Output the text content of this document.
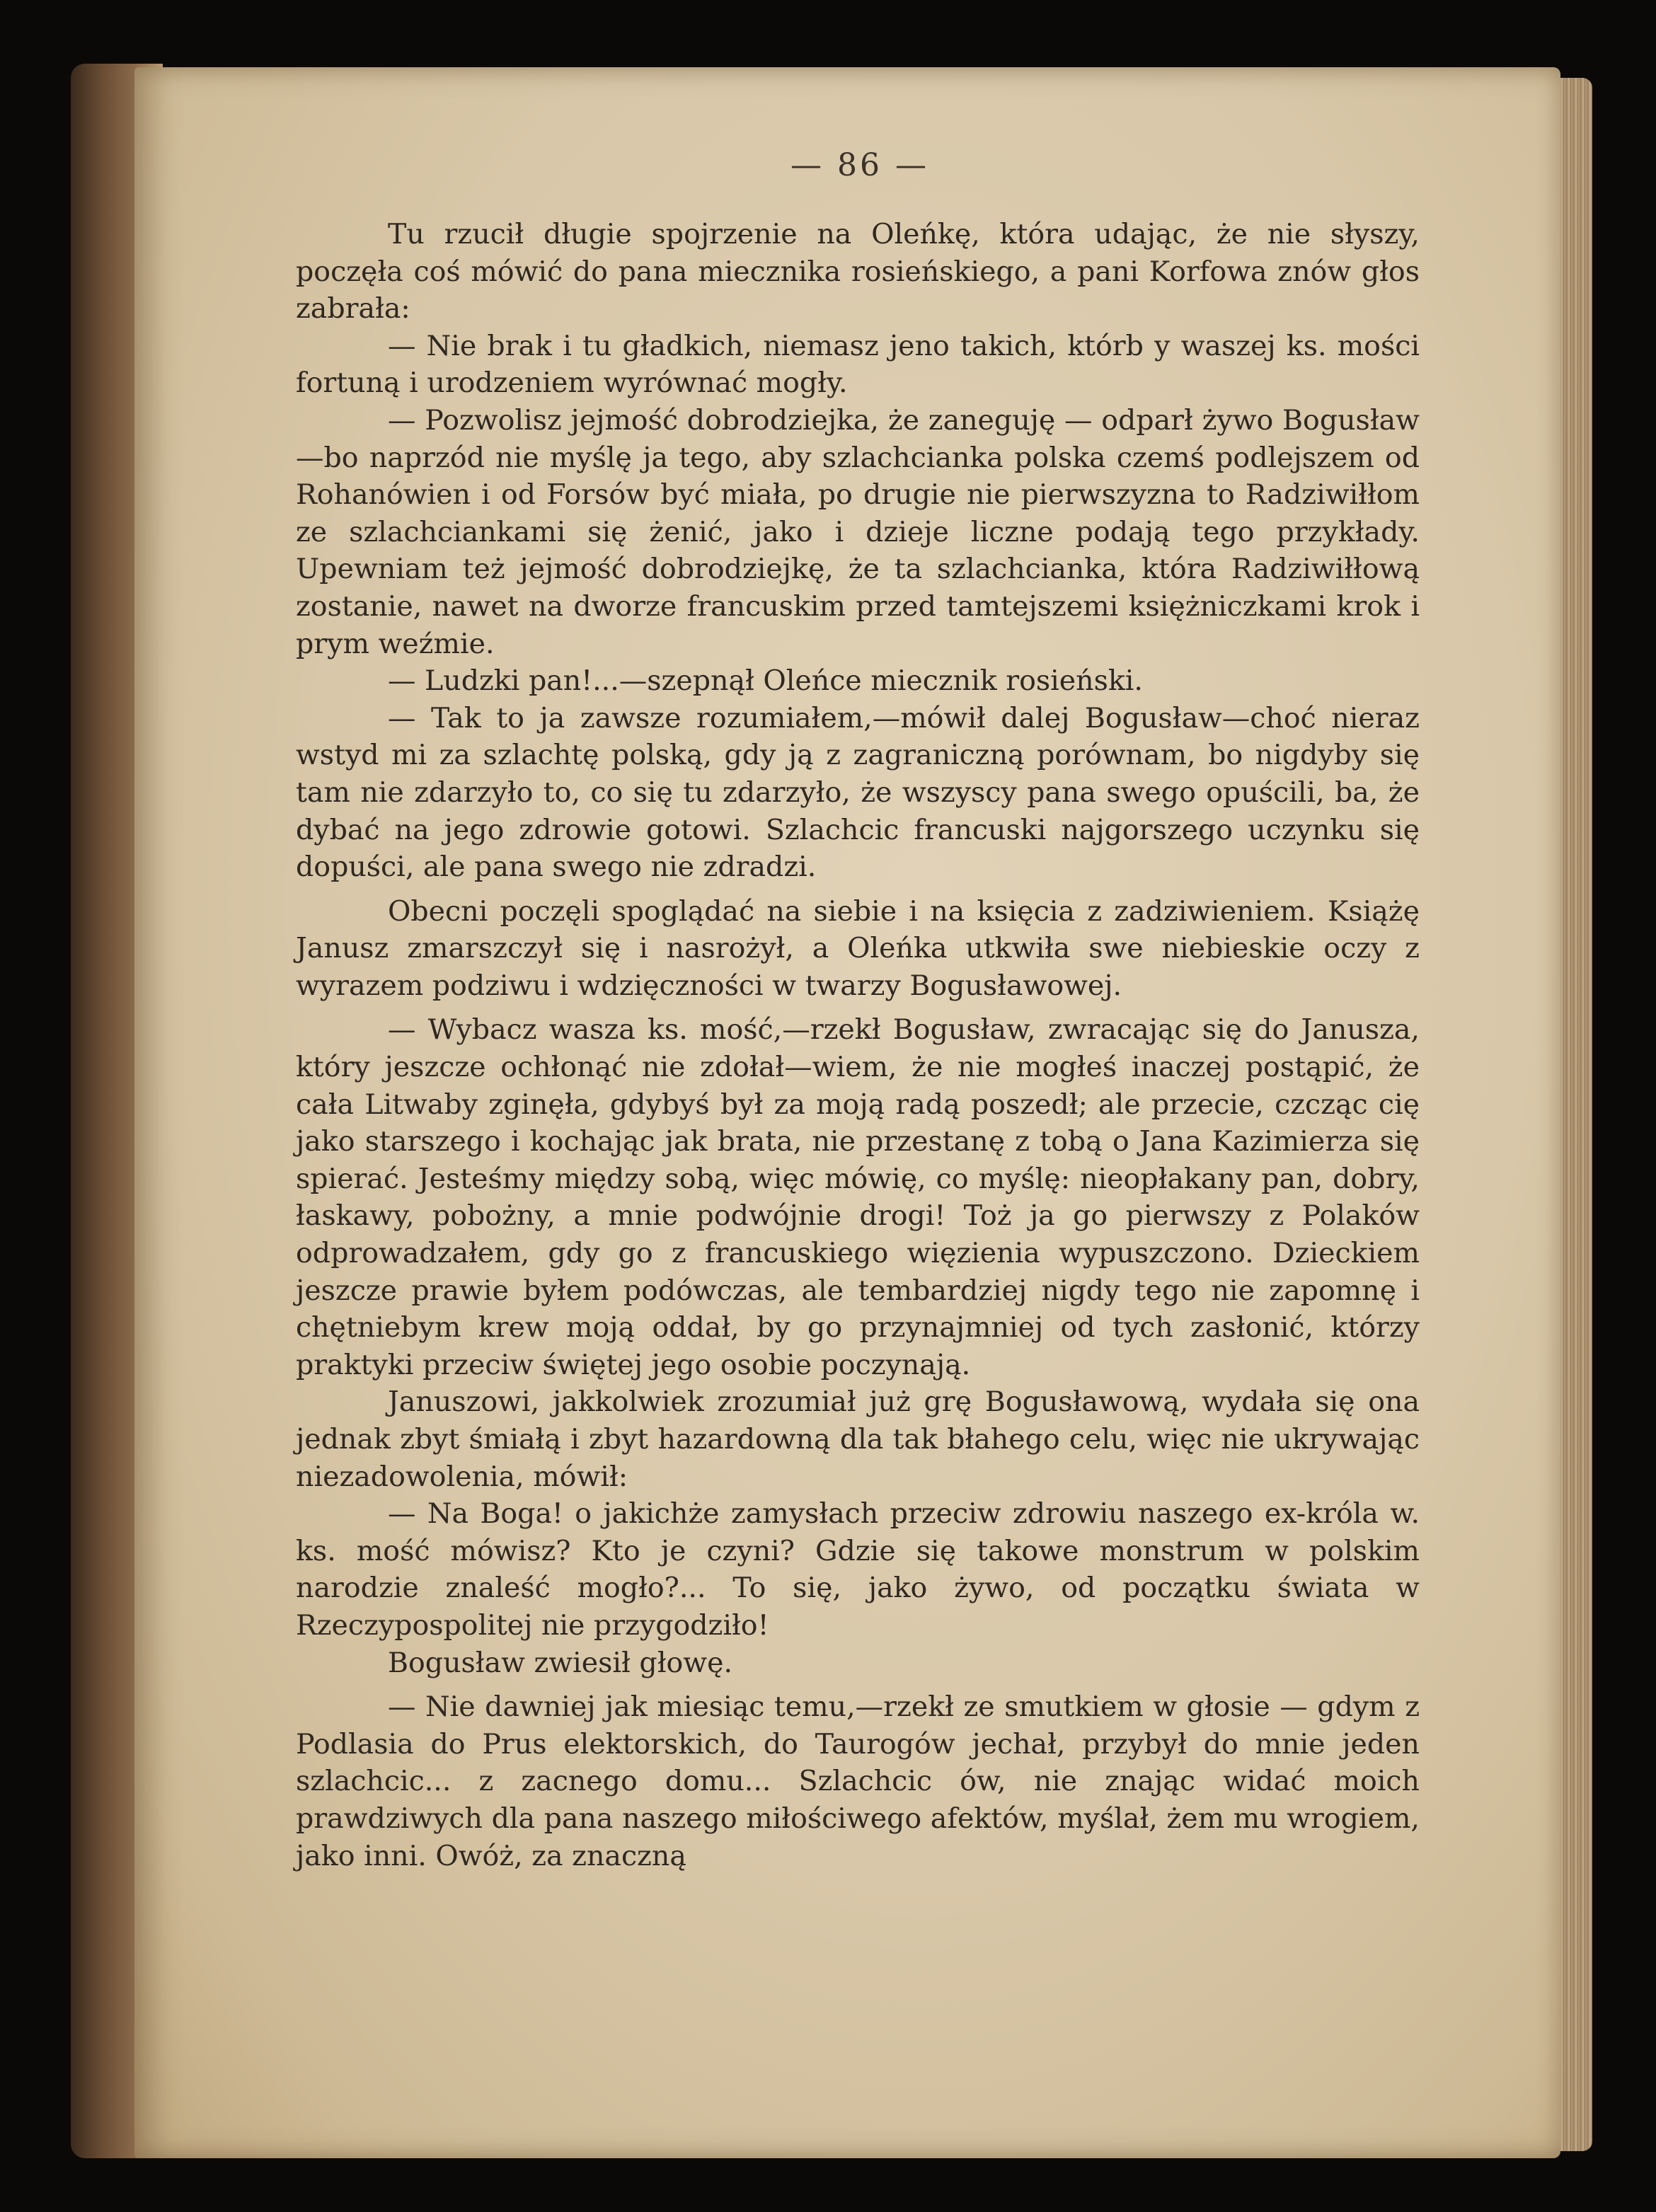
— 86 —

Tu rzucił długie spojrzenie na Oleńkę, która udając, że nie słyszy, poczęła coś mówić do pana miecznika rosieńskiego, a pani Korfowa znów głos zabrała:

— Nie brak i tu gładkich, niemasz jeno takich, którb y waszej ks. mości fortuną i urodzeniem wyrównać mogły.

— Pozwolisz jejmość dobrodziejka, że zaneguję — odparł żywo Bogusław—bo naprzód nie myślę ja tego, aby szlachcianka polska czemś podlejszem od Rohanówien i od Forsów być miała, po drugie nie pierwszyzna to Radziwiłłom ze szlachciankami się żenić, jako i dzieje liczne podają tego przykłady. Upewniam też jejmość dobrodziejkę, że ta szlachcianka, która Radziwiłłową zostanie, nawet na dworze francuskim przed tamtejszemi księżniczkami krok i prym weźmie.

— Ludzki pan!...—szepnął Oleńce miecznik rosieński.

— Tak to ja zawsze rozumiałem,—mówił dalej Bogusław—choć nieraz wstyd mi za szlachtę polską, gdy ją z zagraniczną porównam, bo nigdyby się tam nie zdarzyło to, co się tu zdarzyło, że wszyscy pana swego opuścili, ba, że dybać na jego zdrowie gotowi. Szlachcic francuski najgorszego uczynku się dopuści, ale pana swego nie zdradzi.

Obecni poczęli spoglądać na siebie i na księcia z zadziwieniem. Książę Janusz zmarszczył się i nasrożył, a Oleńka utkwiła swe niebieskie oczy z wyrazem podziwu i wdzięczności w twarzy Bogusławowej.

— Wybacz wasza ks. mość,—rzekł Bogusław, zwracając się do Janusza, który jeszcze ochłonąć nie zdołał—wiem, że nie mogłeś inaczej postąpić, że cała Litwaby zginęła, gdybyś był za moją radą poszedł; ale przecie, czcząc cię jako starszego i kochając jak brata, nie przestanę z tobą o Jana Kazimierza się spierać. Jesteśmy między sobą, więc mówię, co myślę: nieopłakany pan, dobry, łaskawy, pobożny, a mnie podwójnie drogi! Toż ja go pierwszy z Polaków odprowadzałem, gdy go z francuskiego więzienia wypuszczono. Dzieckiem jeszcze prawie byłem podówczas, ale tembardziej nigdy tego nie zapomnę i chętniebym krew moją oddał, by go przynajmniej od tych zasłonić, którzy praktyki przeciw świętej jego osobie poczynają.

Januszowi, jakkolwiek zrozumiał już grę Bogusławową, wydała się ona jednak zbyt śmiałą i zbyt hazardowną dla tak błahego celu, więc nie ukrywając niezadowolenia, mówił:

— Na Boga! o jakichże zamysłach przeciw zdrowiu naszego ex-króla w. ks. mość mówisz? Kto je czyni? Gdzie się takowe monstrum w polskim narodzie znaleść mogło?... To się, jako żywo, od początku świata w Rzeczypospolitej nie przygodziło!

Bogusław zwiesił głowę.

— Nie dawniej jak miesiąc temu,—rzekł ze smutkiem w głosie — gdym z Podlasia do Prus elektorskich, do Taurogów jechał, przybył do mnie jeden szlachcic... z zacnego domu... Szlachcic ów, nie znając widać moich prawdziwych dla pana naszego miłościwego afektów, myślał, żem mu wrogiem, jako inni. Owóż, za znaczną
